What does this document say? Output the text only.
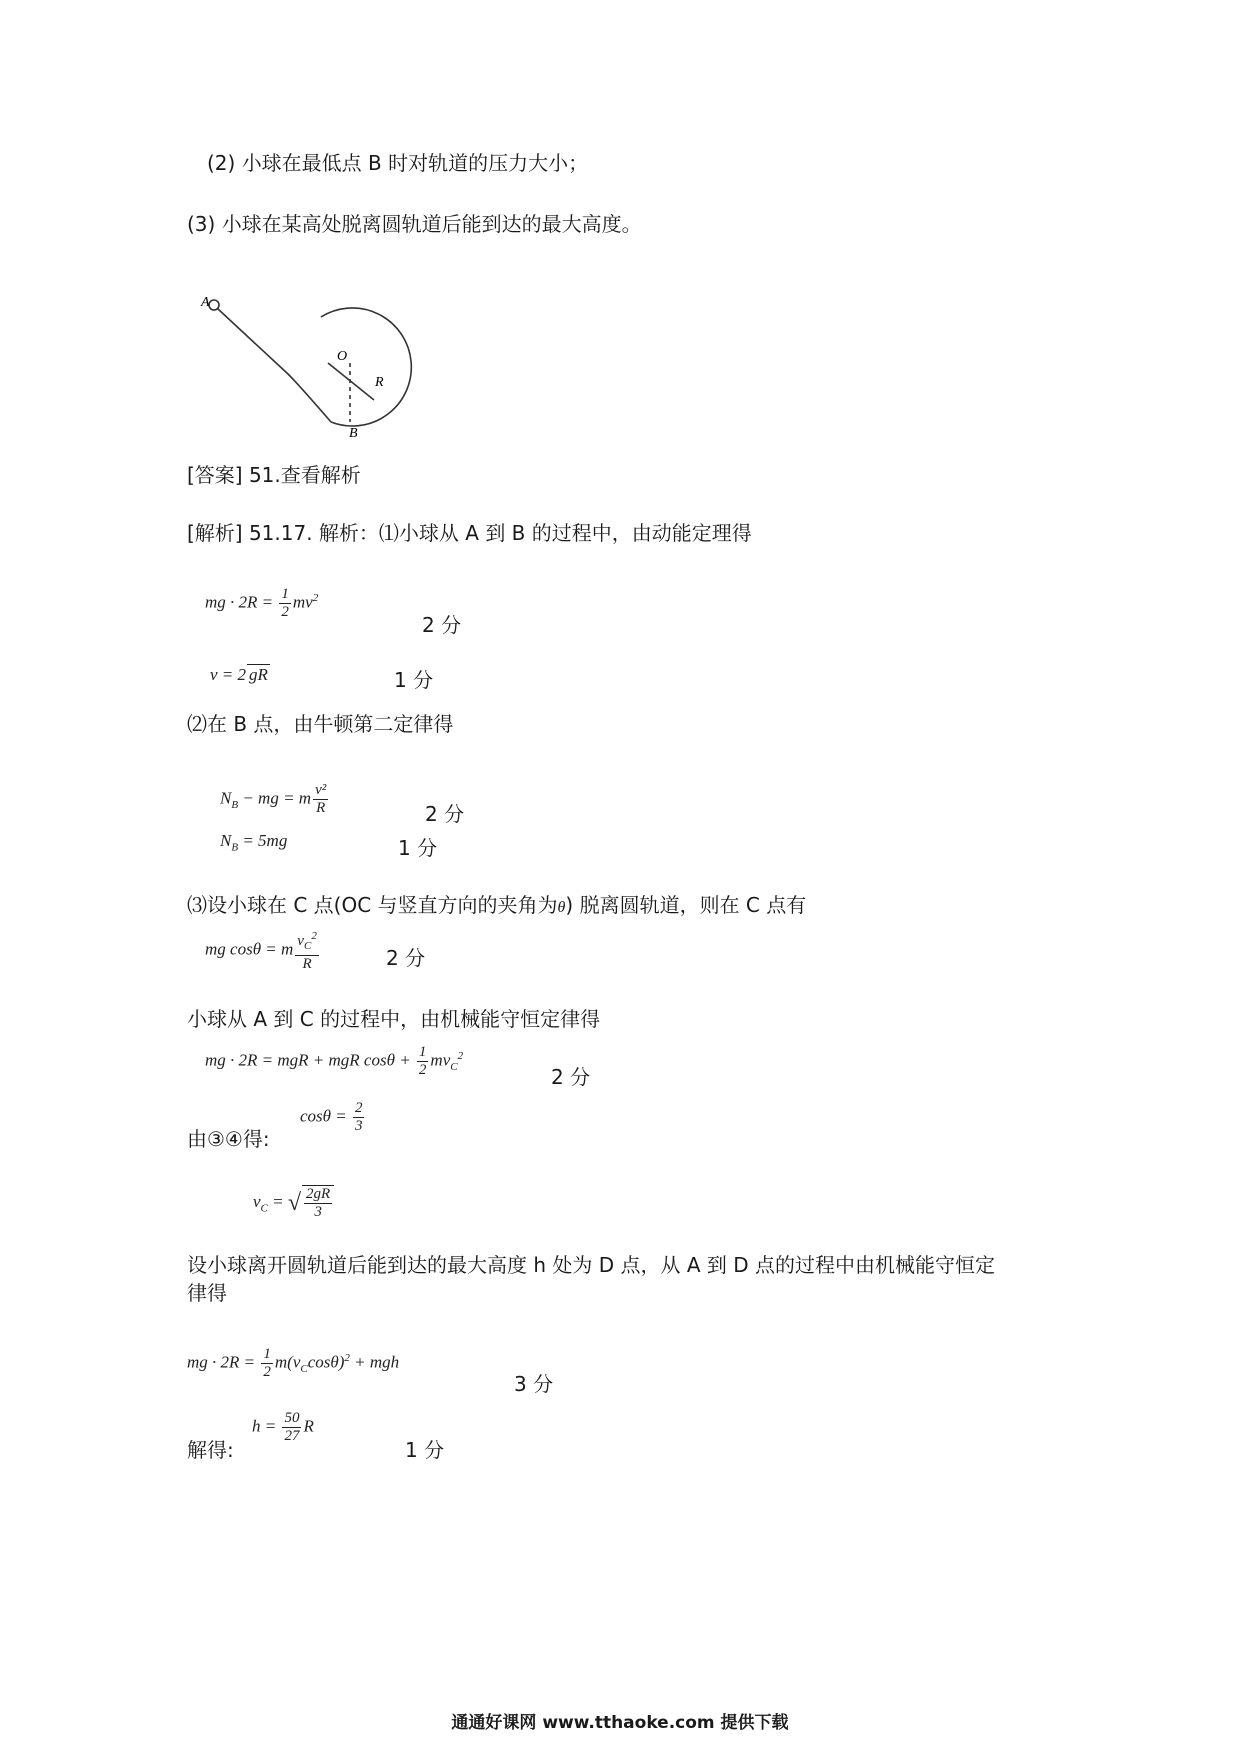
(2) 小球在最低点 B 时对轨道的压力大小；
(3) 小球在某高处脱离圆轨道后能到达的最大高度。
A
O
R
B
[答案] 51.查看解析
[解析] 51.17. 解析：⑴小球从 A 到 B 的过程中，由动能定理得
mg · $2R = \frac{1}{2} mv^2$
2 分
v = 2 gR	1 分
⑵在 B 点，由牛顿第二定律得
$N_B$ − mg = m $\frac{\text{v²}}{R}$	2 分
$N_B = 5mg$	1 分
⑶设小球在 C 点(OC 与竖直方向的夹角为θ) 脱离圆轨道，则在 C 点有
mg cosθ = m $\frac{v_C^2}{R}$	2 分
小球从 A 到 C 的过程中，由机械能守恒定律得
mg · 2R = mgR + mgR $\cos\theta + \frac{1}{2} mv_C^2$
2 分
由③④得:
$\cos\theta = \frac{2}{3}$
$v_C$ = √ $\frac{2gR}{3}$
设小球离开圆轨道后能到达的最大高度 h 处为 D 点，从 A 到 D 点的过程中由机械能守恒定
律得
mg · $2R = \frac{1}{2} m(v_C\cos\theta)^2$ + mgh
3 分
解得:
$h = \frac{50}{27}$ R
1 分
通通好课网 www.tthaoke.com 提供下载
